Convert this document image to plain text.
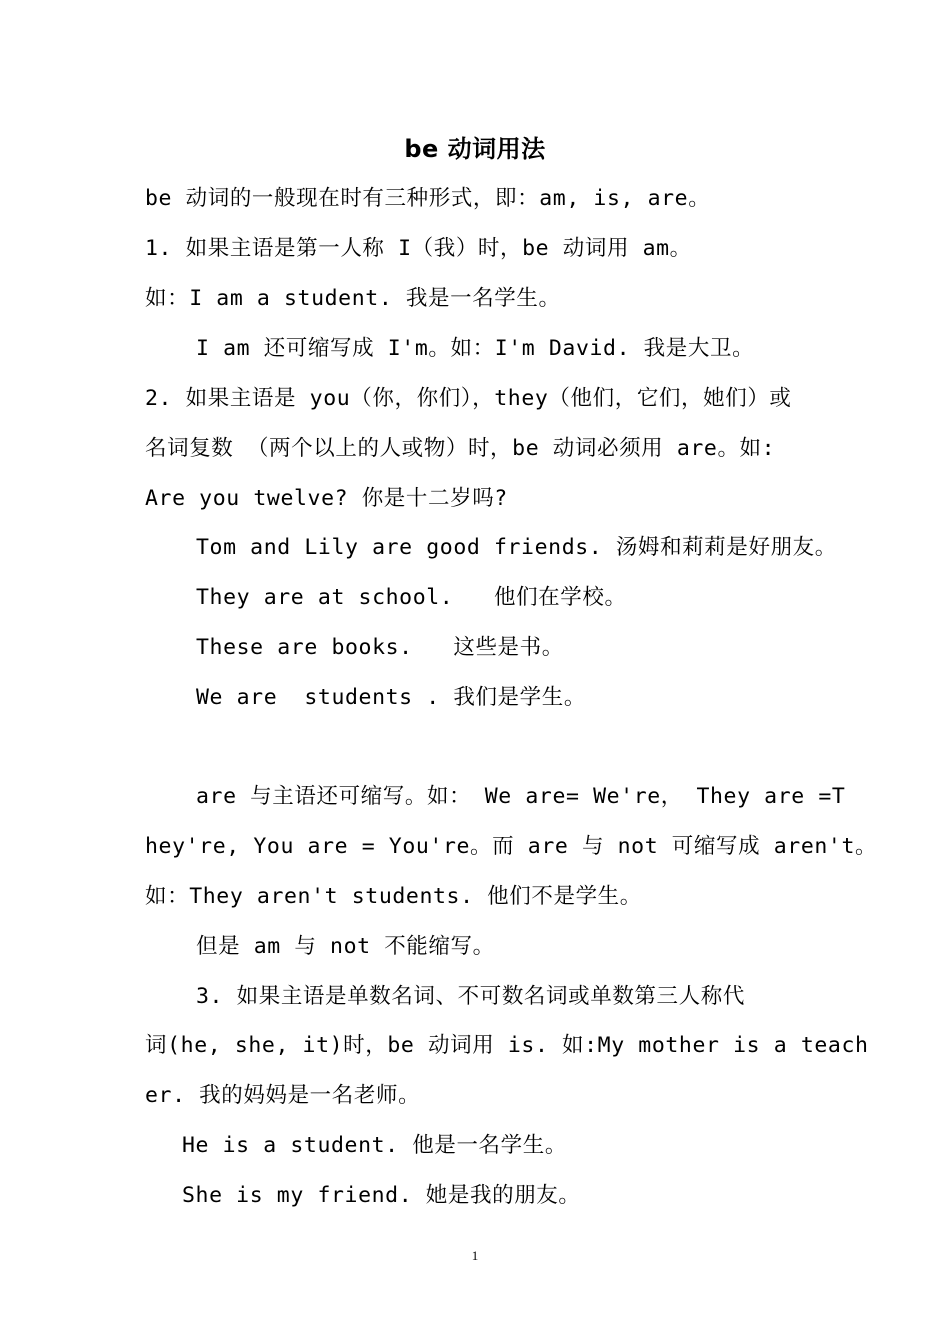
be 动词用法
be 动词的一般现在时有三种形式，即：am, is, are。
1. 如果主语是第一人称 I（我）时，be 动词用 am。
如：I am a student. 我是一名学生。
I am 还可缩写成 I'm。如：I'm David. 我是大卫。
2. 如果主语是 you（你，你们），they（他们，它们，她们）或
名词复数 （两个以上的人或物）时，be 动词必须用 are。如:
Are you twelve? 你是十二岁吗?
Tom and Lily are good friends. 汤姆和莉莉是好朋友。
They are at school.   他们在学校。
These are books.   这些是书。
We are  students . 我们是学生。
are 与主语还可缩写。如： We are= We're， They are =T
hey're, You are = You're。而 are 与 not 可缩写成 aren't。
如：They aren't students. 他们不是学生。
但是 am 与 not 不能缩写。
3. 如果主语是单数名词、不可数名词或单数第三人称代
词(he, she, it)时，be 动词用 is. 如:My mother is a teach
er. 我的妈妈是一名老师。
He is a student. 他是一名学生。
She is my friend. 她是我的朋友。
1
